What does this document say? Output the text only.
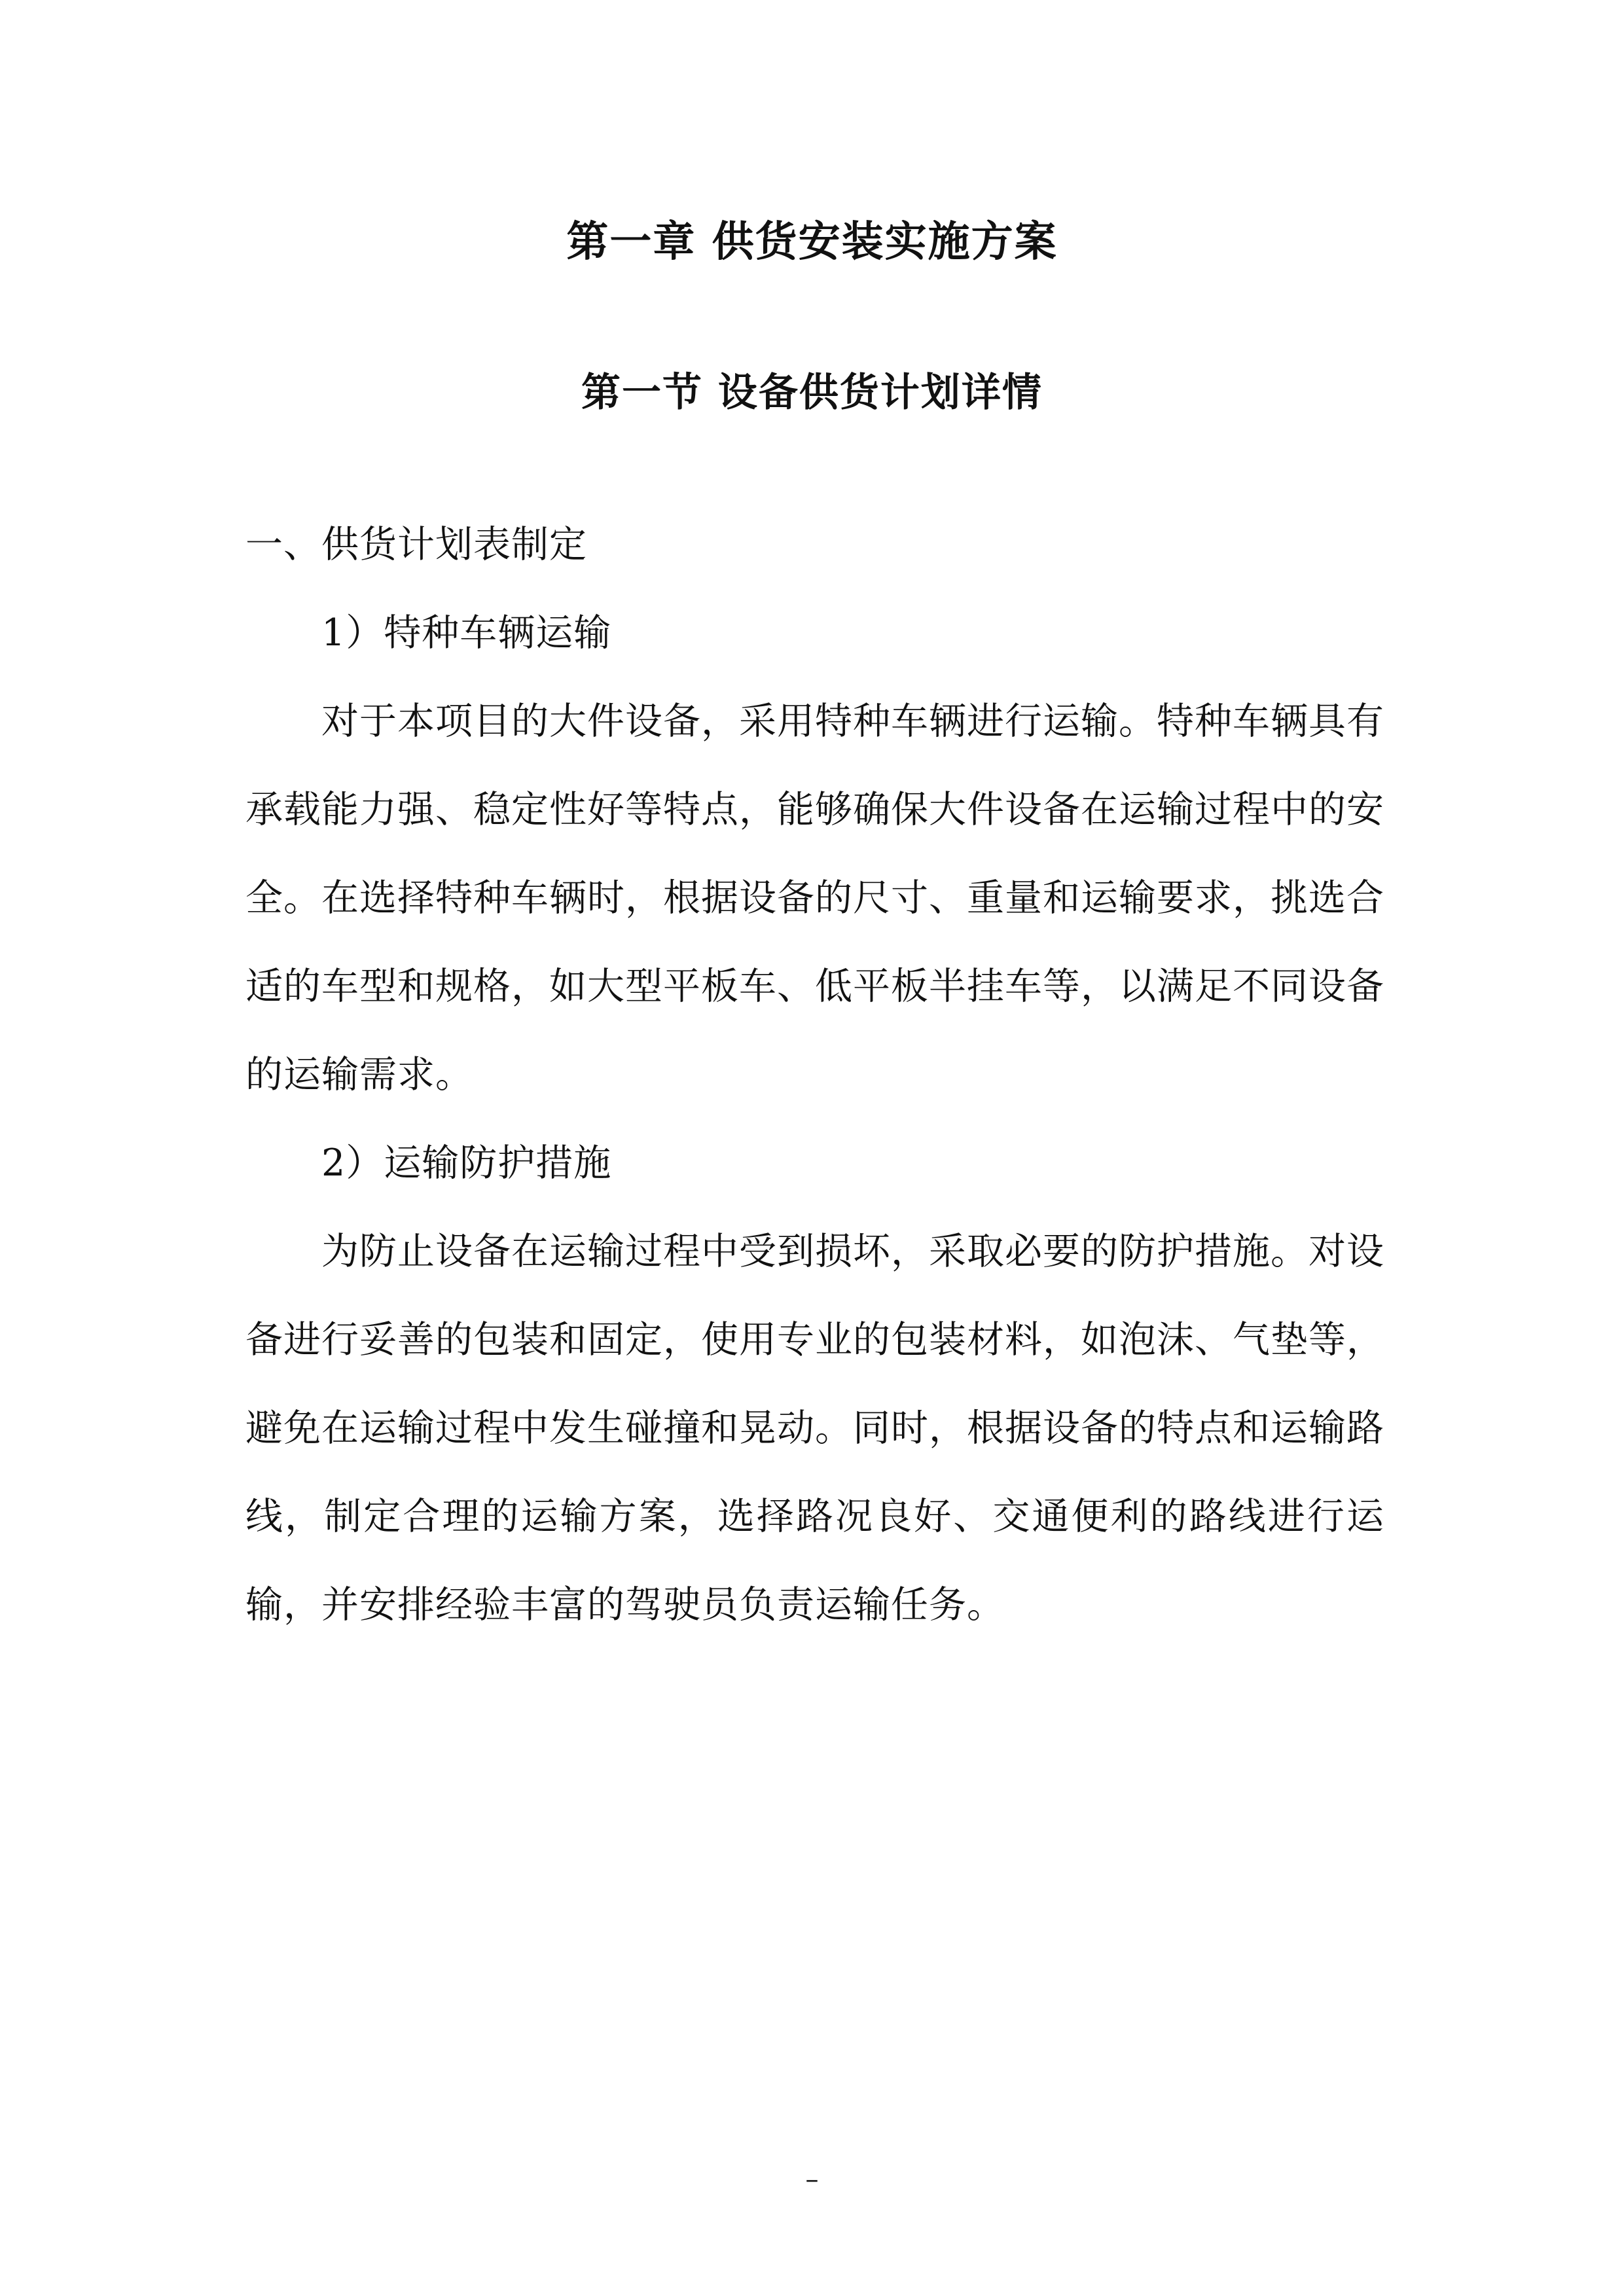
第一章 供货安装实施方案
第一节 设备供货计划详情

一、供货计划表制定

1）特种车辆运输

对于本项目的大件设备，采用特种车辆进行运输。特种车辆具有承载能力强、稳定性好等特点，能够确保大件设备在运输过程中的安全。在选择特种车辆时，根据设备的尺寸、重量和运输要求，挑选合适的车型和规格，如大型平板车、低平板半挂车等，以满足不同设备的运输需求。

2）运输防护措施

为防止设备在运输过程中受到损坏，采取必要的防护措施。对设备进行妥善的包装和固定，使用专业的包装材料，如泡沫、气垫等，避免在运输过程中发生碰撞和晃动。同时，根据设备的特点和运输路线，制定合理的运输方案，选择路况良好、交通便利的路线进行运输，并安排经验丰富的驾驶员负责运输任务。

–
